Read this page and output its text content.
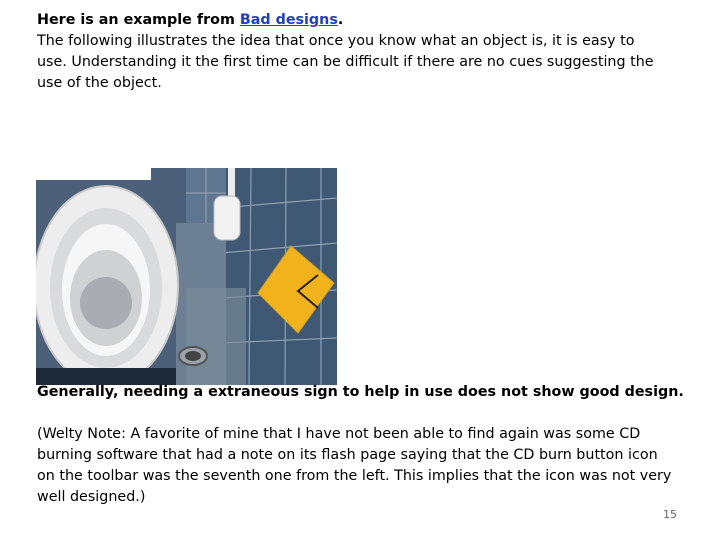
Here is an example from Bad designs.
The following illustrates the idea that once you know what an object is, it is easy to use. Understanding it the first time can be difficult if there are no cues suggesting the use of the object.
Generally, needing a extraneous sign to help in use does not show good design.
(Welty Note: A favorite of mine that I have not been able to find again was some CD burning software that had a note on its flash page saying that the CD burn button icon on the toolbar was the seventh one from the left. This implies that the icon was not very well designed.)
15
